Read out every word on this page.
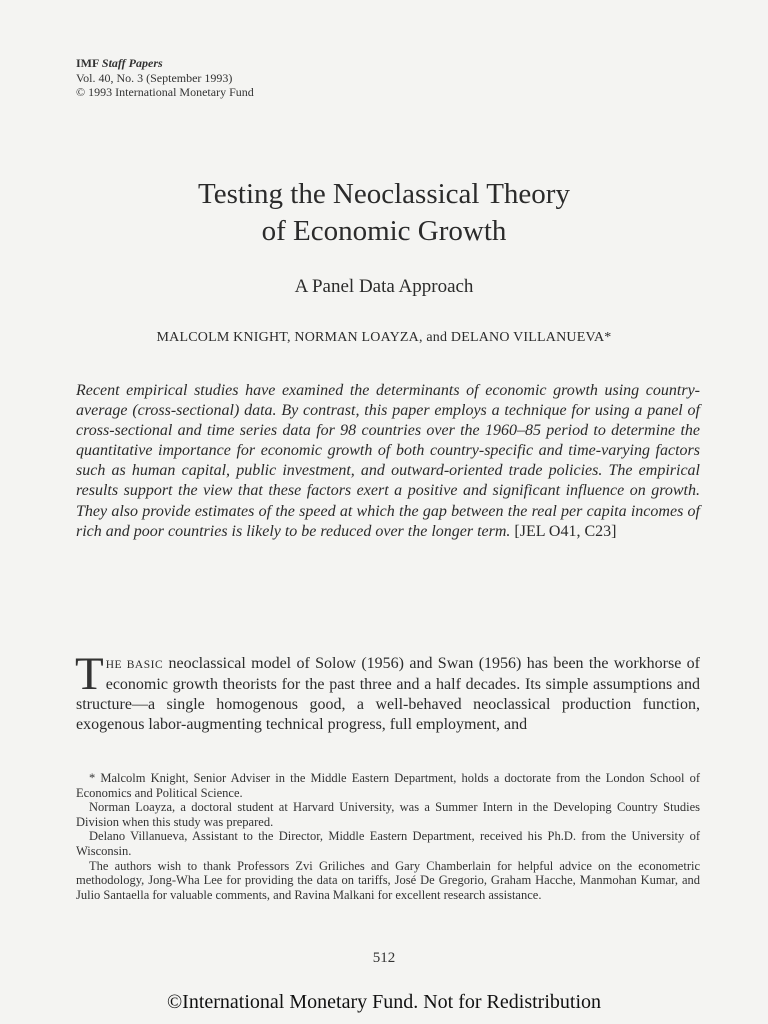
IMF Staff Papers
Vol. 40, No. 3 (September 1993)
© 1993 International Monetary Fund
Testing the Neoclassical Theory
of Economic Growth
A Panel Data Approach
MALCOLM KNIGHT, NORMAN LOAYZA, and DELANO VILLANUEVA*
Recent empirical studies have examined the determinants of economic growth using country-average (cross-sectional) data. By contrast, this paper employs a technique for using a panel of cross-sectional and time series data for 98 countries over the 1960–85 period to determine the quantitative importance for economic growth of both country-specific and time-varying factors such as human capital, public investment, and outward-oriented trade policies. The empirical results support the view that these factors exert a positive and significant influence on growth. They also provide estimates of the speed at which the gap between the real per capita incomes of rich and poor countries is likely to be reduced over the longer term. [JEL O41, C23]
THE BASIC neoclassical model of Solow (1956) and Swan (1956) has been the workhorse of economic growth theorists for the past three and a half decades. Its simple assumptions and structure—a single homogenous good, a well-behaved neoclassical production function, exogenous labor-augmenting technical progress, full employment, and

* Malcolm Knight, Senior Adviser in the Middle Eastern Department, holds a doctorate from the London School of Economics and Political Science.

Norman Loayza, a doctoral student at Harvard University, was a Summer Intern in the Developing Country Studies Division when this study was prepared.

Delano Villanueva, Assistant to the Director, Middle Eastern Department, received his Ph.D. from the University of Wisconsin.

The authors wish to thank Professors Zvi Griliches and Gary Chamberlain for helpful advice on the econometric methodology, Jong-Wha Lee for providing the data on tariffs, José De Gregorio, Graham Hacche, Manmohan Kumar, and Julio Santaella for valuable comments, and Ravina Malkani for excellent research assistance.

512
©International Monetary Fund. Not for Redistribution
